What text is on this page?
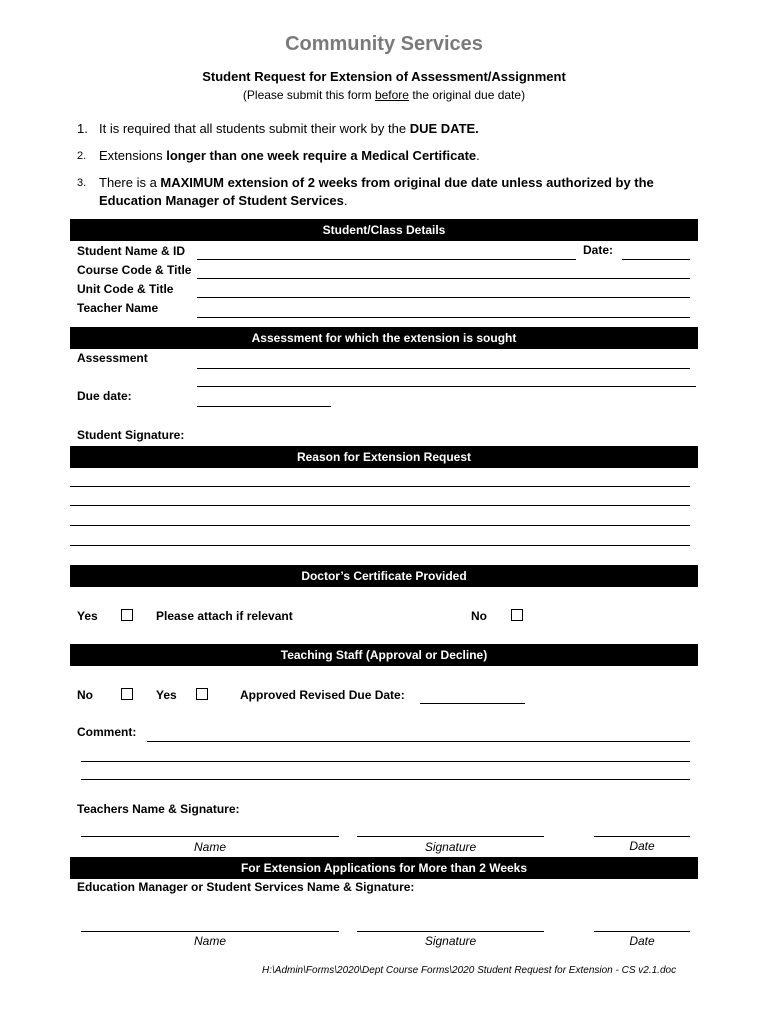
Community Services
Student Request for Extension of Assessment/Assignment
(Please submit this form before the original due date)
1. It is required that all students submit their work by the DUE DATE.
2. Extensions longer than one week require a Medical Certificate.
3. There is a MAXIMUM extension of 2 weeks from original due date unless authorized by the Education Manager of Student Services.
Student/Class Details
Student Name & ID	Date:
Course Code & Title
Unit Code & Title
Teacher Name
Assessment for which the extension is sought
Assessment
Due date:
Student Signature:
Reason for Extension Request
Doctor’s Certificate Provided
Yes	Please attach if relevant	No
Teaching Staff (Approval or Decline)
No	Yes	Approved Revised Due Date:
Comment:
Teachers Name & Signature:
Name	Signature	Date
For Extension Applications for More than 2 Weeks
Education Manager or Student Services Name & Signature:
Name	Signature	Date
H:\Admin\Forms\2020\Dept Course Forms\2020 Student Request for Extension - CS v2.1.doc
